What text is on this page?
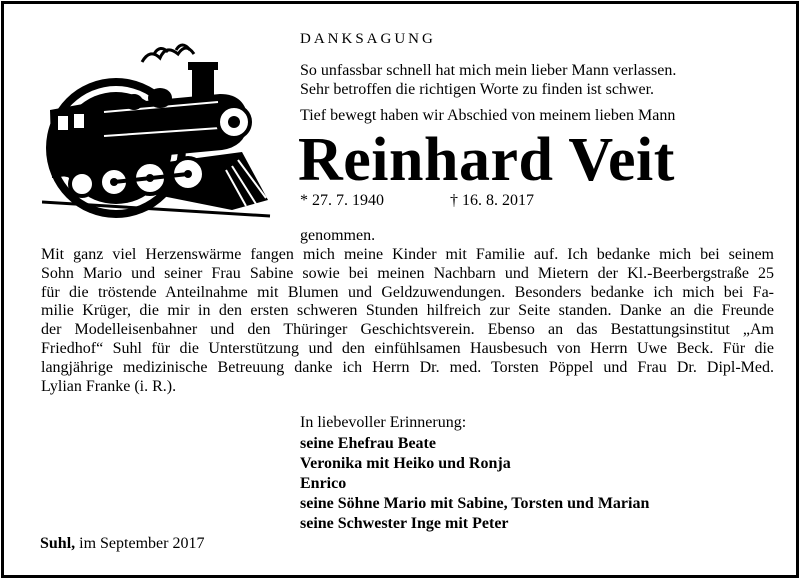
DANKSAGUNG

So unfassbar schnell hat mich mein lieber Mann verlassen.

Sehr betroffen die richtigen Worte zu finden ist schwer.

Tief bewegt haben wir Abschied von meinem lieben Mann
Reinhard Veit
* 27. 7. 1940	† 16. 8. 2017
genommen.
Mit ganz viel Herzenswärme fangen mich meine Kinder mit Familie auf. Ich bedanke mich bei seinem
Sohn Mario und seiner Frau Sabine sowie bei meinen Nachbarn und Mietern der Kl.-Beerbergstraße 25
für die tröstende Anteilnahme mit Blumen und Geldzuwendungen. Besonders bedanke ich mich bei Fa-
milie Krüger, die mir in den ersten schweren Stunden hilfreich zur Seite standen. Danke an die Freunde
der Modelleisenbahner und den Thüringer Geschichtsverein. Ebenso an das Bestattungsinstitut „Am
Friedhof“ Suhl für die Unterstützung und den einfühlsamen Hausbesuch von Herrn Uwe Beck. Für die
langjährige medizinische Betreuung danke ich Herrn Dr. med. Torsten Pöppel und Frau Dr. Dipl-Med.
Lylian Franke (i. R.).
In liebevoller Erinnerung:
seine Ehefrau Beate
Veronika mit Heiko und Ronja
Enrico
seine Söhne Mario mit Sabine, Torsten und Marian
seine Schwester Inge mit Peter
Suhl, im September 2017
